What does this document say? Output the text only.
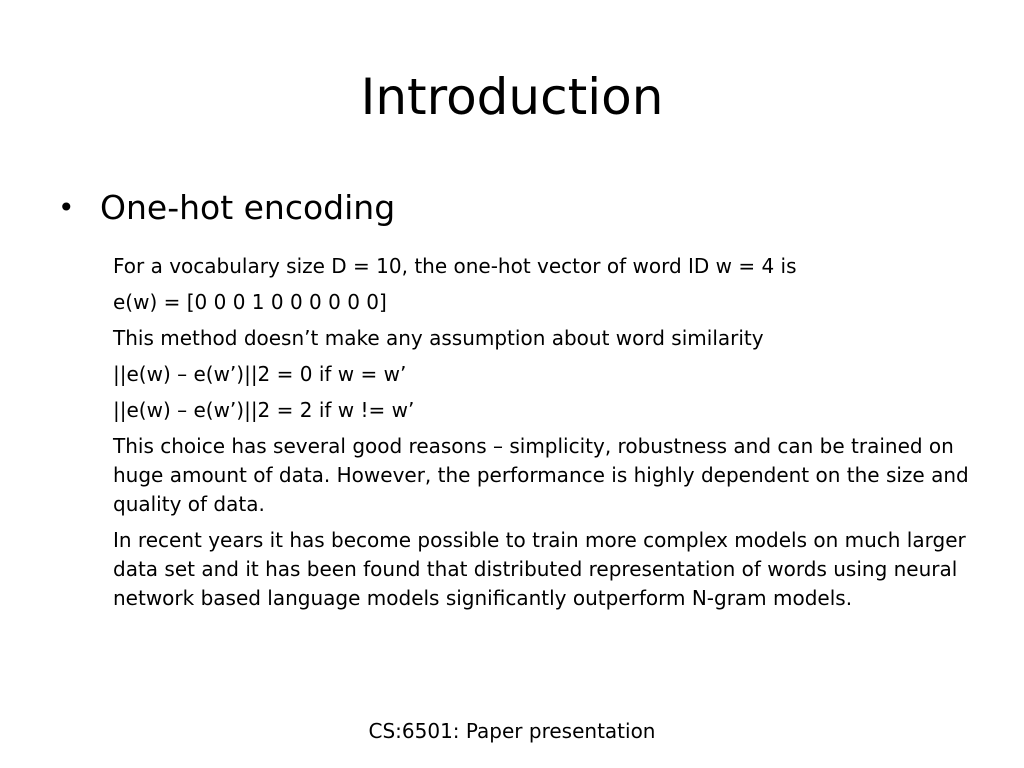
Introduction
• One-hot encoding

For a vocabulary size D = 10, the one-hot vector of word ID w = 4 is

e(w) = [0 0 0 1 0 0 0 0 0 0]

This method doesn’t make any assumption about word similarity

||e(w) – e(w’)||2 = 0 if w = w’

||e(w) – e(w’)||2 = 2 if w != w’

This choice has several good reasons – simplicity, robustness and can be trained on huge amount of data. However, the performance is highly dependent on the size and quality of data.

In recent years it has become possible to train more complex models on much larger data set and it has been found that distributed representation of words using neural network based language models significantly outperform N-gram models.

CS:6501: Paper presentation
